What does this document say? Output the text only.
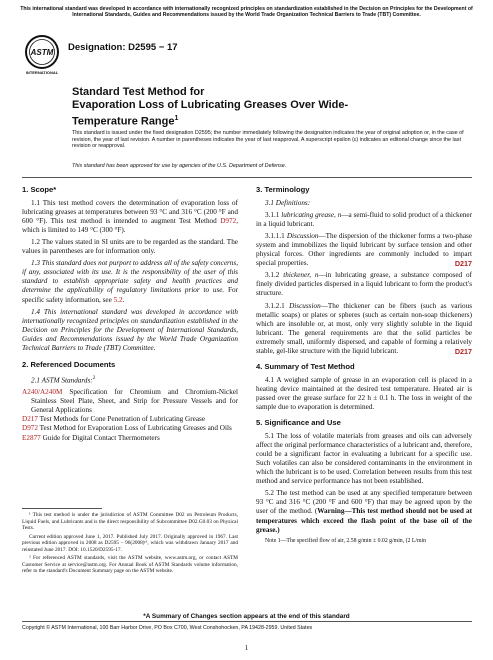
This international standard was developed in accordance with internationally recognized principles on standardization established in the Decision on Principles for the Development of International Standards, Guides and Recommendations issued by the World Trade Organization Technical Barriers to Trade (TBT) Committee.
ASTM
INTERNATIONAL
Designation: D2595 − 17
Standard Test Method for
Evaporation Loss of Lubricating Greases Over Wide-
Temperature Range$^1$
This standard is issued under the fixed designation D2595; the number immediately following the designation indicates the year of original adoption or, in the case of revision, the year of last revision. A number in parentheses indicates the year of last reapproval. A superscript epsilon (ε) indicates an editorial change since the last revision or reapproval.
This standard has been approved for use by agencies of the U.S. Department of Defense.
1. Scope*

1.1 This test method covers the determination of evaporation loss of lubricating greases at temperatures between 93 °C and 316 °C (200 °F and 600 °F). This test method is intended to augment Test Method D972, which is limited to 149 °C (300 °F).

1.2 The values stated in SI units are to be regarded as the standard. The values in parentheses are for information only.

1.3 This standard does not purport to address all of the safety concerns, if any, associated with its use. It is the responsibility of the user of this standard to establish appropriate safety and health practices and determine the applicability of regulatory limitations prior to use. For specific safety information, see 5.2.

1.4 This international standard was developed in accordance with internationally recognized principles on standardization established in the Decision on Principles for the Development of International Standards, Guides and Recommendations issued by the World Trade Organization Technical Barriers to Trade (TBT) Committee.

2. Referenced Documents

2.1 ASTM Standards:$^2$

A240/A240M Specification for Chromium and Chromium-Nickel Stainless Steel Plate, Sheet, and Strip for Pressure Vessels and for General Applications
D217 Test Methods for Cone Penetration of Lubricating Grease
D972 Test Method for Evaporation Loss of Lubricating Greases and Oils
E2877 Guide for Digital Contact Thermometers

¹ This test method is under the jurisdiction of ASTM Committee D02 on Petroleum Products, Liquid Fuels, and Lubricants and is the direct responsibility of Subcommittee D02.G0.03 on Physical Tests.

Current edition approved June 1, 2017. Published July 2017. Originally approved in 1967. Last previous edition approved in 2008 as D2595 – 96(2008)ᵋ¹, which was withdrawn January 2017 and reinstated June 2017. DOI: 10.1520/D2595-17.

² For referenced ASTM standards, visit the ASTM website, www.astm.org, or contact ASTM Customer Service at service@astm.org. For Annual Book of ASTM Standards volume information, refer to the standard's Document Summary page on the ASTM website.

3. Terminology

3.1 Definitions:

3.1.1 lubricating grease, n—a semi-fluid to solid product of a thickener in a liquid lubricant.

3.1.1.1 Discussion—The dispersion of the thickener forms a two-phase system and immobilizes the liquid lubricant by surface tension and other physical forces. Other ingredients are commonly included to impart special properties.	D217

3.1.2 thickener, n—in lubricating grease, a substance composed of finely divided particles dispersed in a liquid lubricant to form the product's structure.

3.1.2.1 Discussion—The thickener can be fibers (such as various metallic soaps) or plates or spheres (such as certain non-soap thickeners) which are insoluble or, at most, only very slightly soluble in the liquid lubricant. The general requirements are that the solid particles be extremely small, uniformly dispersed, and capable of forming a relatively stable, gel-like structure with the liquid lubricant.	D217

4. Summary of Test Method

4.1 A weighed sample of grease in an evaporation cell is placed in a heating device maintained at the desired test temperature. Heated air is passed over the grease surface for 22 h ± 0.1 h. The loss in weight of the sample due to evaporation is determined.

5. Significance and Use

5.1 The loss of volatile materials from greases and oils can adversely affect the original performance characteristics of a lubricant and, therefore, could be a significant factor in evaluating a lubricant for a specific use. Such volatiles can also be considered contaminants in the environment in which the lubricant is to be used. Correlation between results from this test method and service performance has not been established.

5.2 The test method can be used at any specified temperature between 93 °C and 316 °C (200 °F and 600 °F) that may be agreed upon by the user of the method. (Warning—This test method should not be used at temperatures which exceed the flash point of the base oil of the grease.)

Note 1—The specified flow of air, 2.58 g/min ± 0.02 g/min, (2 L/min
*A Summary of Changes section appears at the end of this standard
Copyright © ASTM International, 100 Barr Harbor Drive, PO Box C700, West Conshohocken, PA 19428-2959. United States
1
